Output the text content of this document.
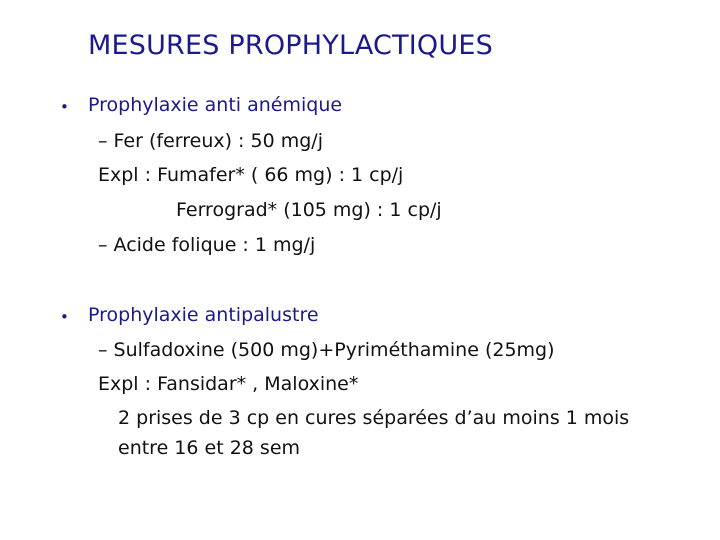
MESURES PROPHYLACTIQUES
• Prophylaxie anti anémique
– Fer (ferreux) : 50 mg/j
Expl : Fumafer* ( 66 mg) : 1 cp/j
Ferrograd* (105 mg) : 1 cp/j
– Acide folique : 1 mg/j
• Prophylaxie antipalustre
– Sulfadoxine (500 mg)+Pyriméthamine (25mg)
Expl : Fansidar* , Maloxine*
2 prises de 3 cp en cures séparées d’au moins 1 mois
entre 16 et 28 sem
